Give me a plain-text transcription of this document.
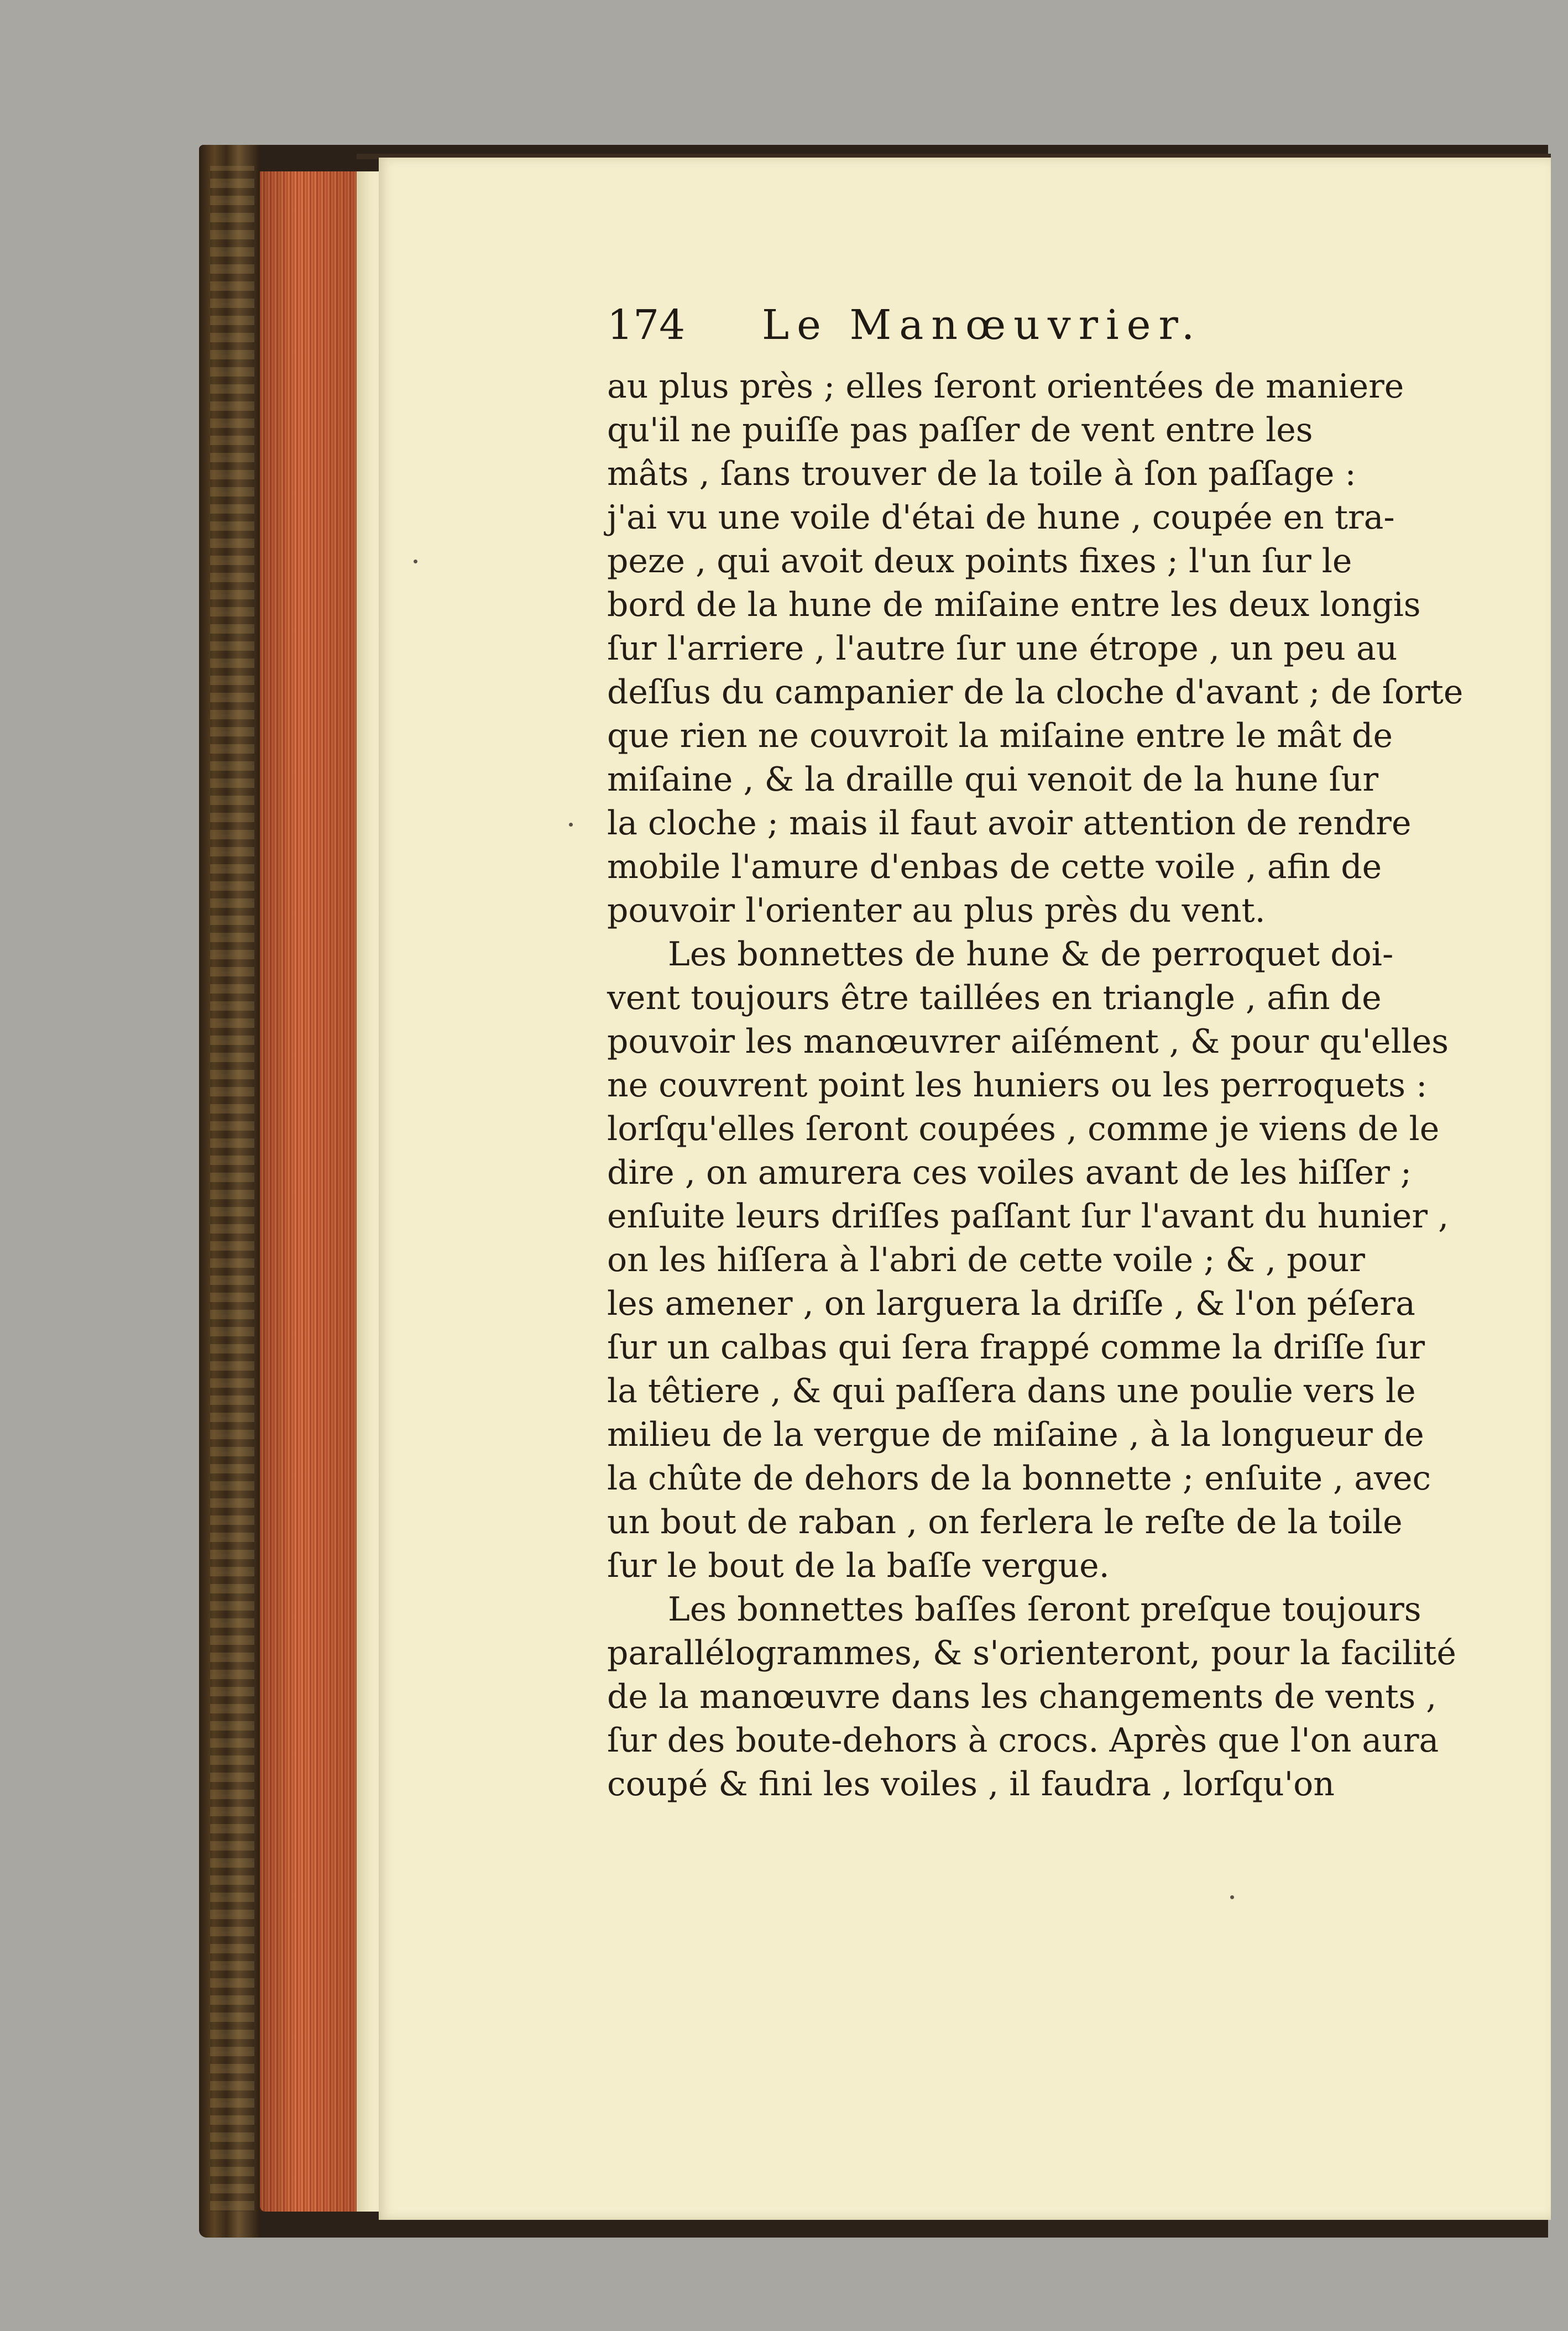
174 Le Manœuvrier.
au plus près ; elles ſeront orientées de maniere
qu'il ne puiſſe pas paſſer de vent entre les
mâts , ſans trouver de la toile à ſon paſſage :
j'ai vu une voile d'étai de hune , coupée en tra-
peze , qui avoit deux points fixes ; l'un ſur le
bord de la hune de miſaine entre les deux longis
ſur l'arriere , l'autre ſur une étrope , un peu au
deſſus du campanier de la cloche d'avant ; de ſorte
que rien ne couvroit la miſaine entre le mât de
miſaine , & la draille qui venoit de la hune ſur
la cloche ; mais il faut avoir attention de rendre
mobile l'amure d'enbas de cette voile , afin de
pouvoir l'orienter au plus près du vent.
Les bonnettes de hune & de perroquet doi-
vent toujours être taillées en triangle , afin de
pouvoir les manœuvrer aiſément , & pour qu'elles
ne couvrent point les huniers ou les perroquets :
lorſqu'elles ſeront coupées , comme je viens de le
dire , on amurera ces voiles avant de les hiſſer ;
enſuite leurs driſſes paſſant ſur l'avant du hunier ,
on les hiſſera à l'abri de cette voile ; & , pour
les amener , on larguera la driſſe , & l'on péſera
ſur un calbas qui ſera frappé comme la driſſe ſur
la têtiere , & qui paſſera dans une poulie vers le
milieu de la vergue de miſaine , à la longueur de
la chûte de dehors de la bonnette ; enſuite , avec
un bout de raban , on ferlera le reſte de la toile
ſur le bout de la baſſe vergue.
Les bonnettes baſſes ſeront preſque toujours
parallélogrammes, & s'orienteront, pour la facilité
de la manœuvre dans les changements de vents ,
ſur des boute-dehors à crocs. Après que l'on aura
coupé & fini les voiles , il faudra , lorſqu'on
